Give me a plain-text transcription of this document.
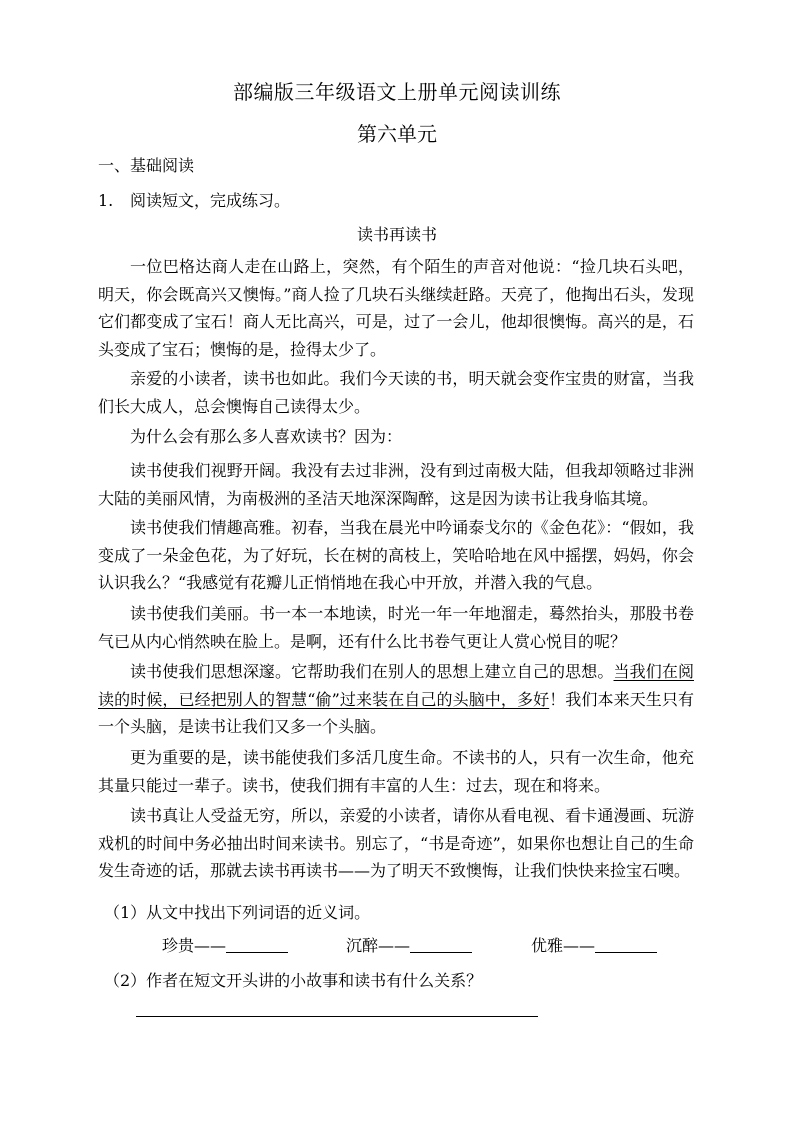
部编版三年级语文上册单元阅读训练
第六单元
一、基础阅读
1. 阅读短文，完成练习。
读书再读书

一位巴格达商人走在山路上，突然，有个陌生的声音对他说：“捡几块石头吧，明天，你会既高兴又懊悔。”商人捡了几块石头继续赶路。天亮了，他掏出石头，发现它们都变成了宝石！商人无比高兴，可是，过了一会儿，他却很懊悔。高兴的是，石头变成了宝石；懊悔的是，捡得太少了。

亲爱的小读者，读书也如此。我们今天读的书，明天就会变作宝贵的财富，当我们长大成人，总会懊悔自己读得太少。

为什么会有那么多人喜欢读书？因为：

读书使我们视野开阔。我没有去过非洲，没有到过南极大陆，但我却领略过非洲大陆的美丽风情，为南极洲的圣洁天地深深陶醉，这是因为读书让我身临其境。

读书使我们情趣高雅。初春，当我在晨光中吟诵泰戈尔的《金色花》：“假如，我变成了一朵金色花，为了好玩，长在树的高枝上，笑哈哈地在风中摇摆，妈妈，你会认识我么？“我感觉有花瓣儿正悄悄地在我心中开放，并潜入我的气息。

读书使我们美丽。书一本一本地读，时光一年一年地溜走，蓦然抬头，那股书卷气已从内心悄然映在脸上。是啊，还有什么比书卷气更让人赏心悦目的呢？

读书使我们思想深邃。它帮助我们在别人的思想上建立自己的思想。当我们在阅读的时候，已经把别人的智慧“偷”过来装在自己的头脑中，多好！我们本来天生只有一个头脑，是读书让我们又多一个头脑。

更为重要的是，读书能使我们多活几度生命。不读书的人，只有一次生命，他充其量只能过一辈子。读书，使我们拥有丰富的人生：过去，现在和将来。

读书真让人受益无穷，所以，亲爱的小读者，请你从看电视、看卡通漫画、玩游戏机的时间中务必抽出时间来读书。别忘了，“书是奇迹”，如果你也想让自己的生命发生奇迹的话，那就去读书再读书——为了明天不致懊悔，让我们快快来捡宝石噢。

（1）从文中找出下列词语的近义词。
珍贵——	沉醉——	优雅——
（2）作者在短文开头讲的小故事和读书有什么关系？
